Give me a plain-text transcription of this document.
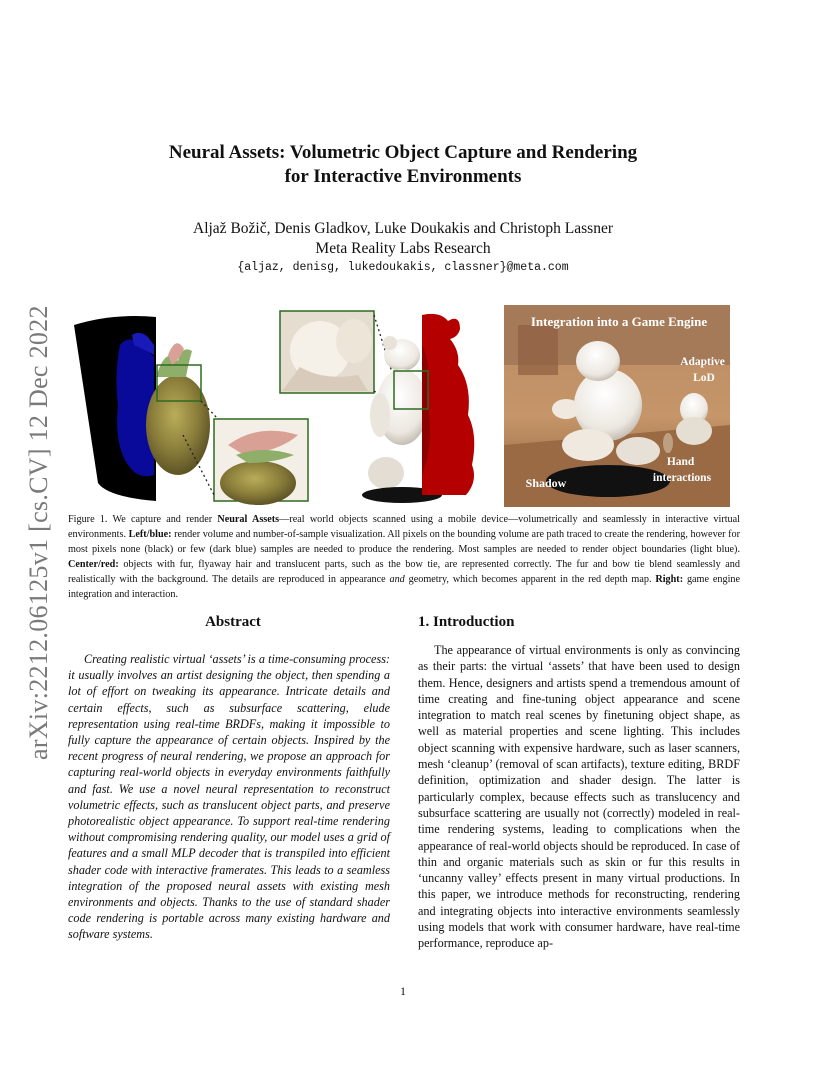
arXiv:2212.06125v1 [cs.CV] 12 Dec 2022
Neural Assets: Volumetric Object Capture and Rendering
for Interactive Environments
Aljaž Božič, Denis Gladkov, Luke Doukakis and Christoph Lassner
Meta Reality Labs Research
{aljaz, denisg, lukedoukakis, classner}@meta.com
Integration into a Game Engine
Adaptive LoD
Shadow
Hand interactions
Figure 1. We capture and render Neural Assets—real world objects scanned using a mobile device—volumetrically and seamlessly in interactive virtual environments. Left/blue: render volume and number-of-sample visualization. All pixels on the bounding volume are path traced to create the rendering, however for most pixels none (black) or few (dark blue) samples are needed to produce the rendering. Most samples are needed to render object boundaries (light blue). Center/red: objects with fur, flyaway hair and translucent parts, such as the bow tie, are represented correctly. The fur and bow tie blend seamlessly and realistically with the background. The details are reproduced in appearance and geometry, which becomes apparent in the red depth map. Right: game engine integration and interaction.
Abstract
Creating realistic virtual ‘assets’ is a time-consuming process: it usually involves an artist designing the object, then spending a lot of effort on tweaking its appearance. Intricate details and certain effects, such as subsurface scattering, elude representation using real-time BRDFs, making it impossible to fully capture the appearance of certain objects. Inspired by the recent progress of neural rendering, we propose an approach for capturing real-world objects in everyday environments faithfully and fast. We use a novel neural representation to reconstruct volumetric effects, such as translucent object parts, and preserve photorealistic object appearance. To support real-time rendering without compromising rendering quality, our model uses a grid of features and a small MLP decoder that is transpiled into efficient shader code with interactive framerates. This leads to a seamless integration of the proposed neural assets with existing mesh environments and objects. Thanks to the use of standard shader code rendering is portable across many existing hardware and software systems.
1. Introduction
The appearance of virtual environments is only as convincing as their parts: the virtual ‘assets’ that have been used to design them. Hence, designers and artists spend a tremendous amount of time creating and fine-tuning object appearance and scene integration to match real scenes by finetuning object shape, as well as material properties and scene lighting. This includes object scanning with expensive hardware, such as laser scanners, mesh ‘cleanup’ (removal of scan artifacts), texture editing, BRDF definition, optimization and shader design. The latter is particularly complex, because effects such as translucency and subsurface scattering are usually not (correctly) modeled in real-time rendering systems, leading to complications when the appearance of real-world objects should be reproduced. In case of thin and organic materials such as skin or fur this results in ‘uncanny valley’ effects present in many virtual productions. In this paper, we introduce methods for reconstructing, rendering and integrating objects into interactive environments seamlessly using models that work with consumer hardware, have real-time performance, reproduce ap-
1
